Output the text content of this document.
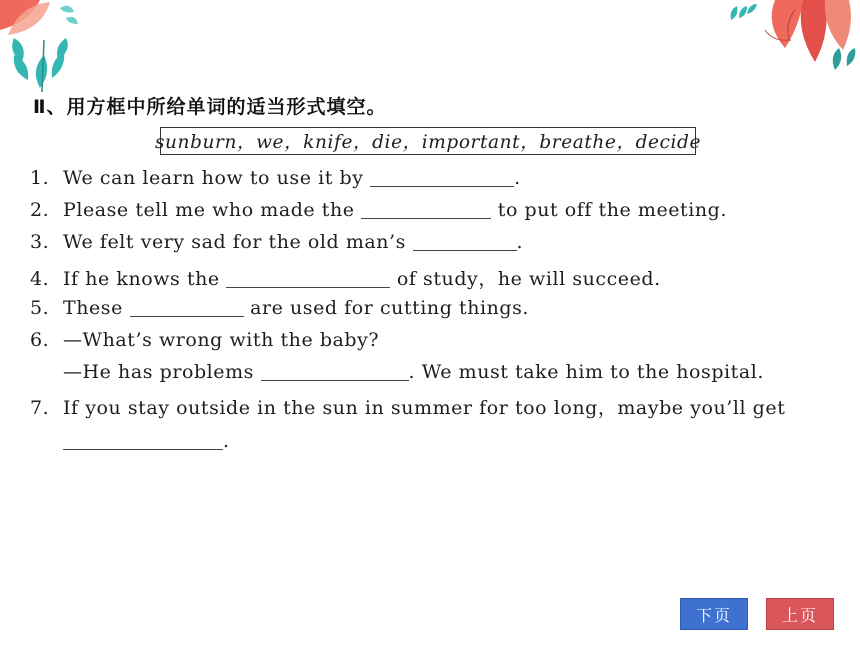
Ⅱ、用方框中所给单词的适当形式填空。
sunburn，we，knife，die，important，breathe，decide
1. We can learn how to use it by	.
2. Please tell me who made the	to put off the meeting.
3. We felt very sad for the old man’s	.
4. If he knows the	of study，he will succeed.
5. These	are used for cutting things.
6. —What’s wrong with the baby?
—He has problems	. We must take him to the hospital.
7. If you stay outside in the sun in summer for too long，maybe you’ll get
.
下页	上页
